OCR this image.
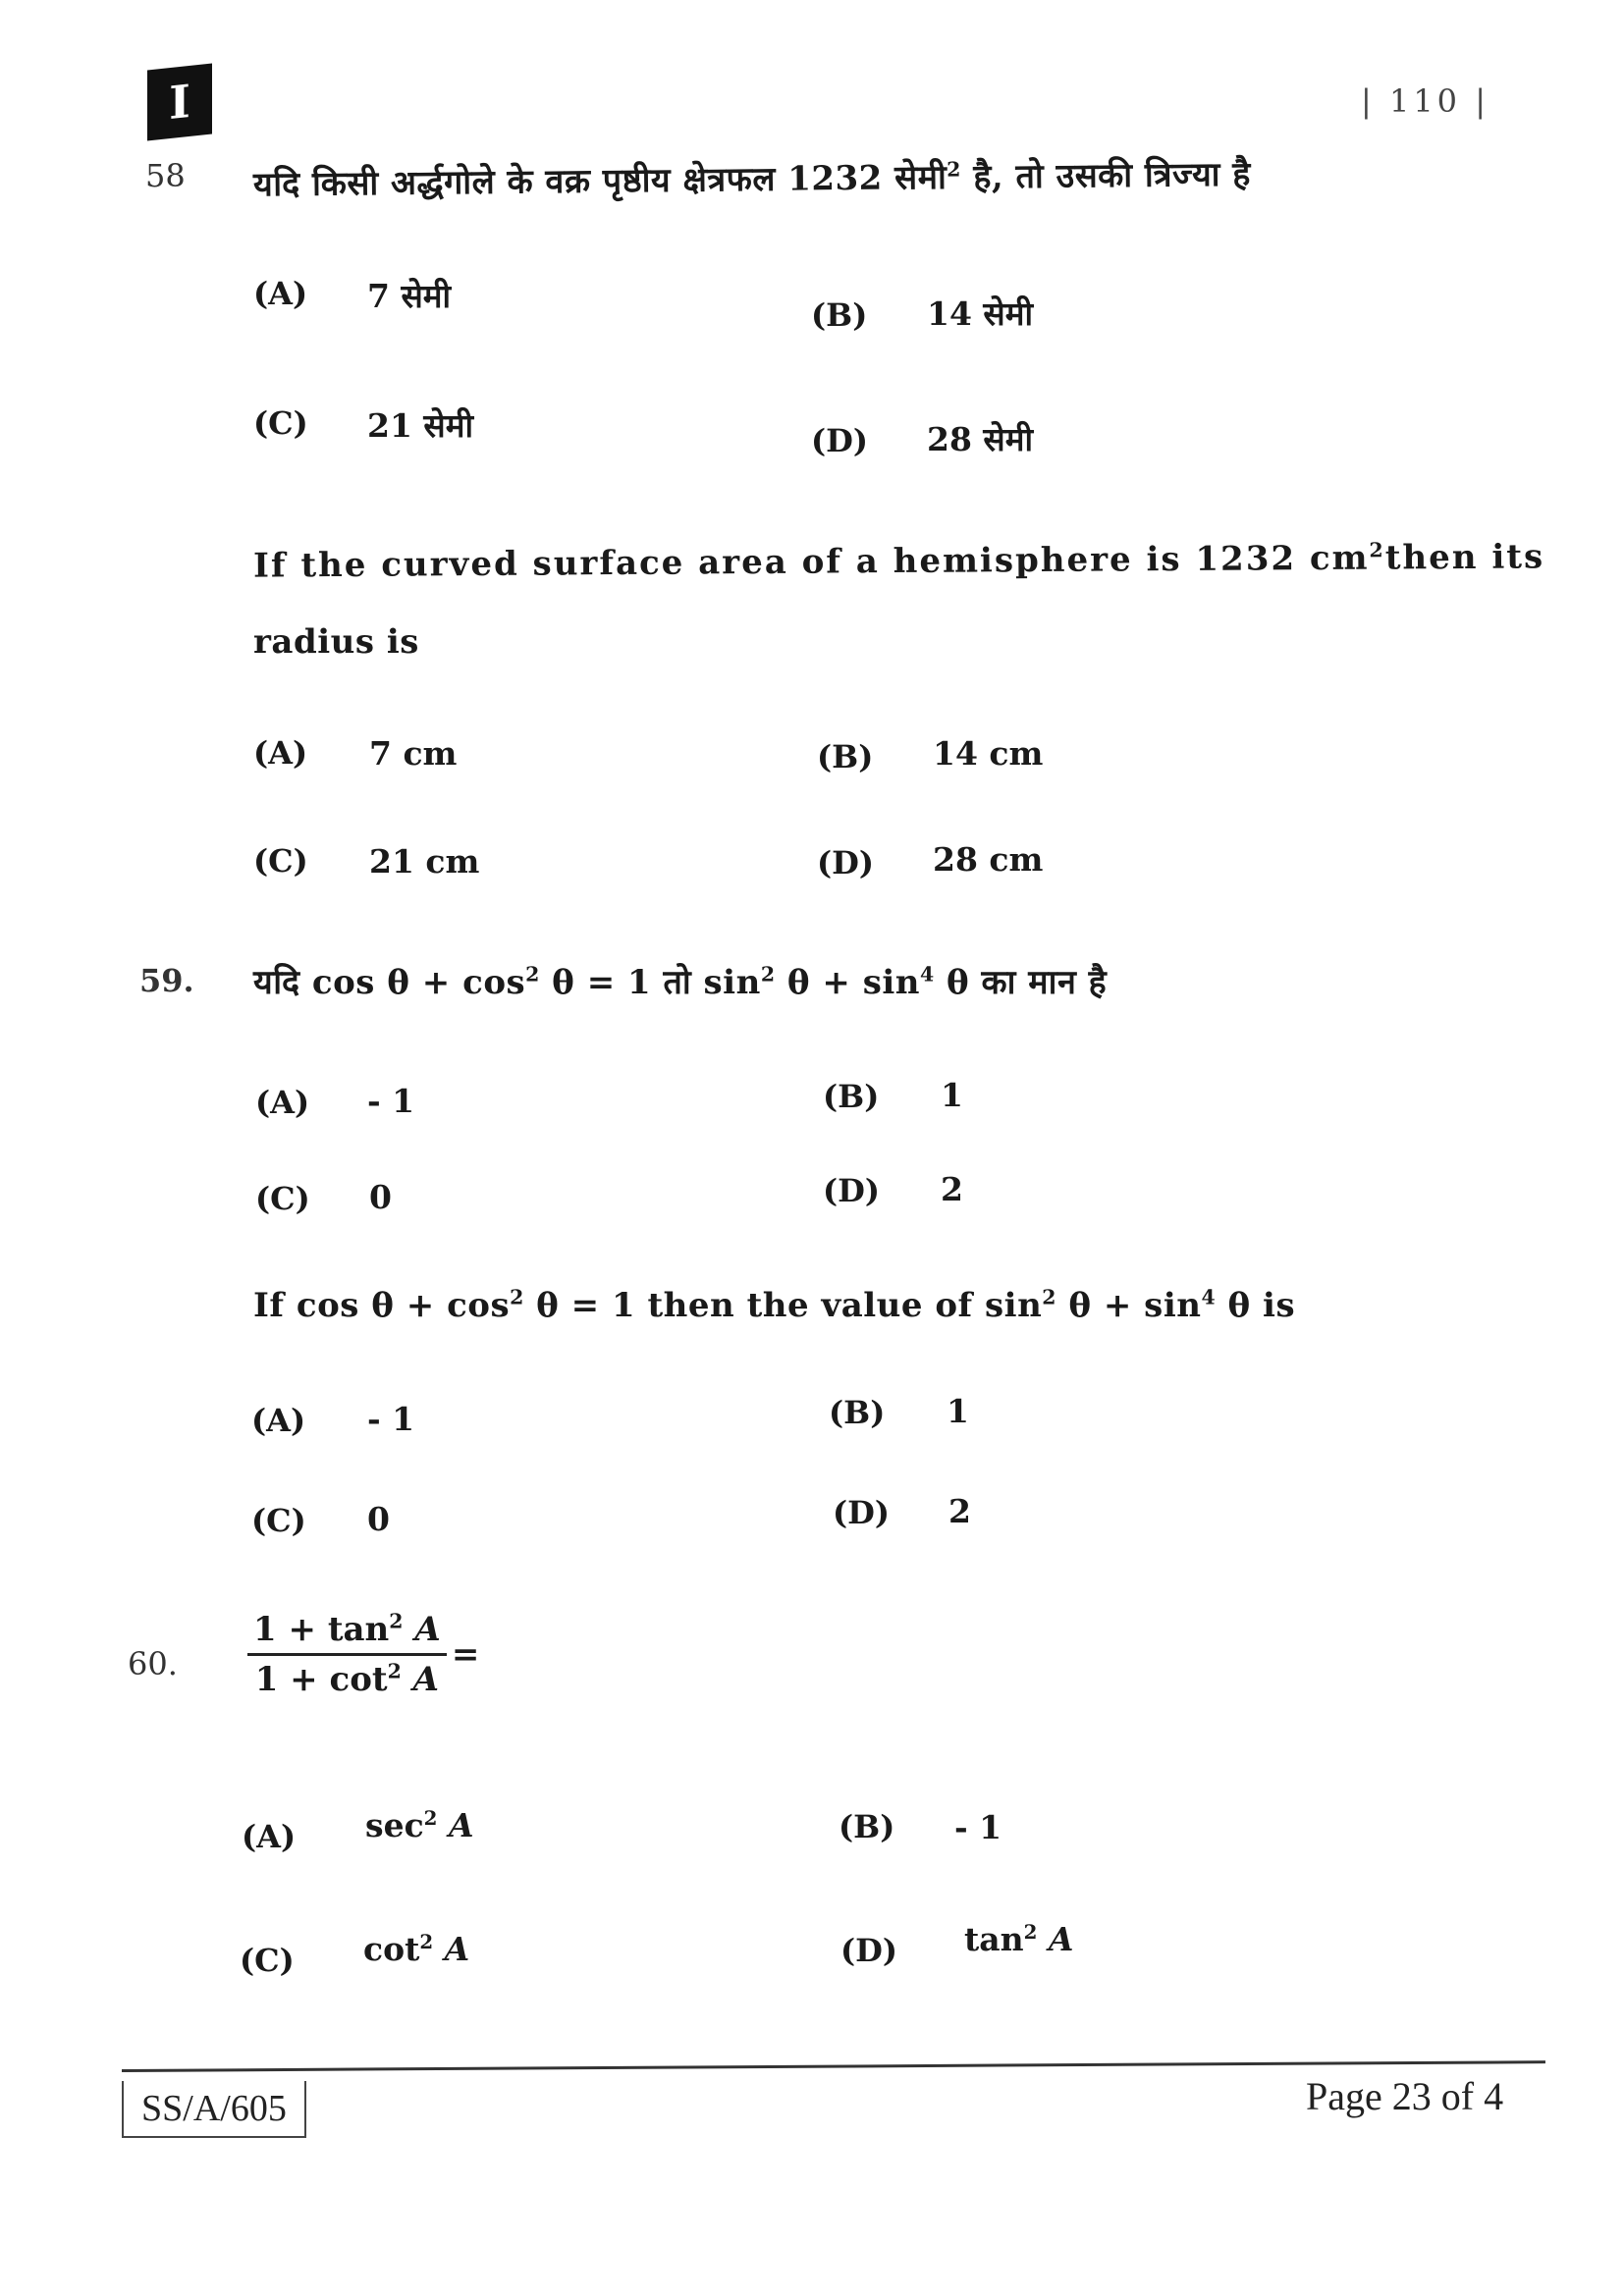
I	| 110 |
58 यदि किसी अर्द्धगोले के वक्र पृष्ठीय क्षेत्रफल 1232 सेमी$^2$ है, तो उसकी त्रिज्या है
(A) 7 सेमी	(B) 14 सेमी
(C) 21 सेमी	(D) 28 सेमी
If the curved surface area of a hemisphere is 1232 $cm^2then$ its
radius is
(A) 7 cm	(B) 14 cm
(C) 21 cm	(D) 28 cm
59. यदि $\cos \theta + \cos^2 \theta = 1$ तो $\sin^2 \theta + \sin^4 \theta$ का मान है
(A) - 1	(B) 1
(C) 0	(D) 2
If $\cos \theta + \cos^2 \theta = 1$ then the value of $\sin^2 \theta + \sin^4 \theta$ is
(A) - 1	(B) 1
(C) 0	(D) 2
60. $\frac{1 + \tan^2 A}{1 + \cot^2 A}$ =
(A) $\sec^2 A$	(B) - 1
(C) $\cot^2 A$	(D) $\tan^2 A$
SS/A/605	Page 23 of 4
